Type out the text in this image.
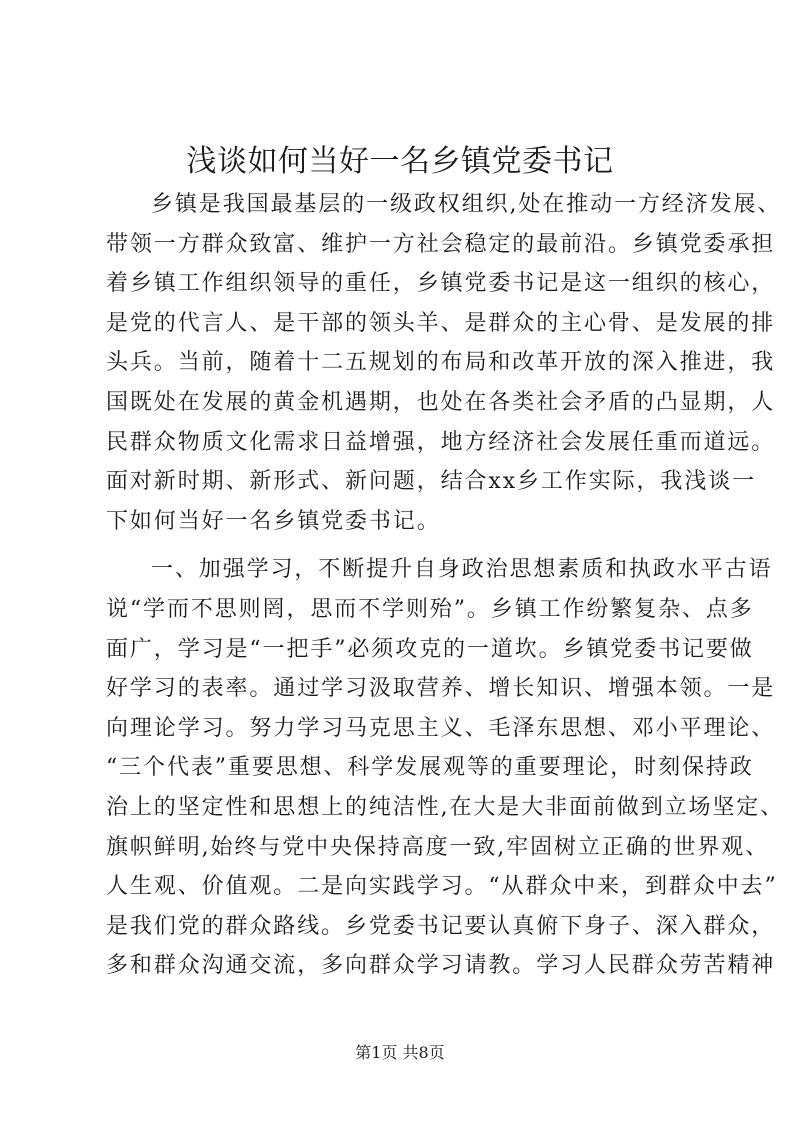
浅谈如何当好一名乡镇党委书记
乡镇是我国最基层的一级政权组织,处在推动一方经济发展、
带领一方群众致富、维护一方社会稳定的最前沿。乡镇党委承担
着乡镇工作组织领导的重任，乡镇党委书记是这一组织的核心，
是党的代言人、是干部的领头羊、是群众的主心骨、是发展的排
头兵。当前，随着十二五规划的布局和改革开放的深入推进，我
国既处在发展的黄金机遇期，也处在各类社会矛盾的凸显期，人
民群众物质文化需求日益增强，地方经济社会发展任重而道远。
面对新时期、新形式、新问题，结合xx乡工作实际，我浅谈一
下如何当好一名乡镇党委书记。
一、加强学习，不断提升自身政治思想素质和执政水平古语
说“学而不思则罔，思而不学则殆”。乡镇工作纷繁复杂、点多
面广，学习是“一把手”必须攻克的一道坎。乡镇党委书记要做
好学习的表率。通过学习汲取营养、增长知识、增强本领。一是
向理论学习。努力学习马克思主义、毛泽东思想、邓小平理论、
“三个代表”重要思想、科学发展观等的重要理论，时刻保持政
治上的坚定性和思想上的纯洁性,在大是大非面前做到立场坚定、
旗帜鲜明,始终与党中央保持高度一致,牢固树立正确的世界观、
人生观、价值观。二是向实践学习。“从群众中来，到群众中去”
是我们党的群众路线。乡党委书记要认真俯下身子、深入群众，
多和群众沟通交流，多向群众学习请教。学习人民群众劳苦精神
第1页 共8页
